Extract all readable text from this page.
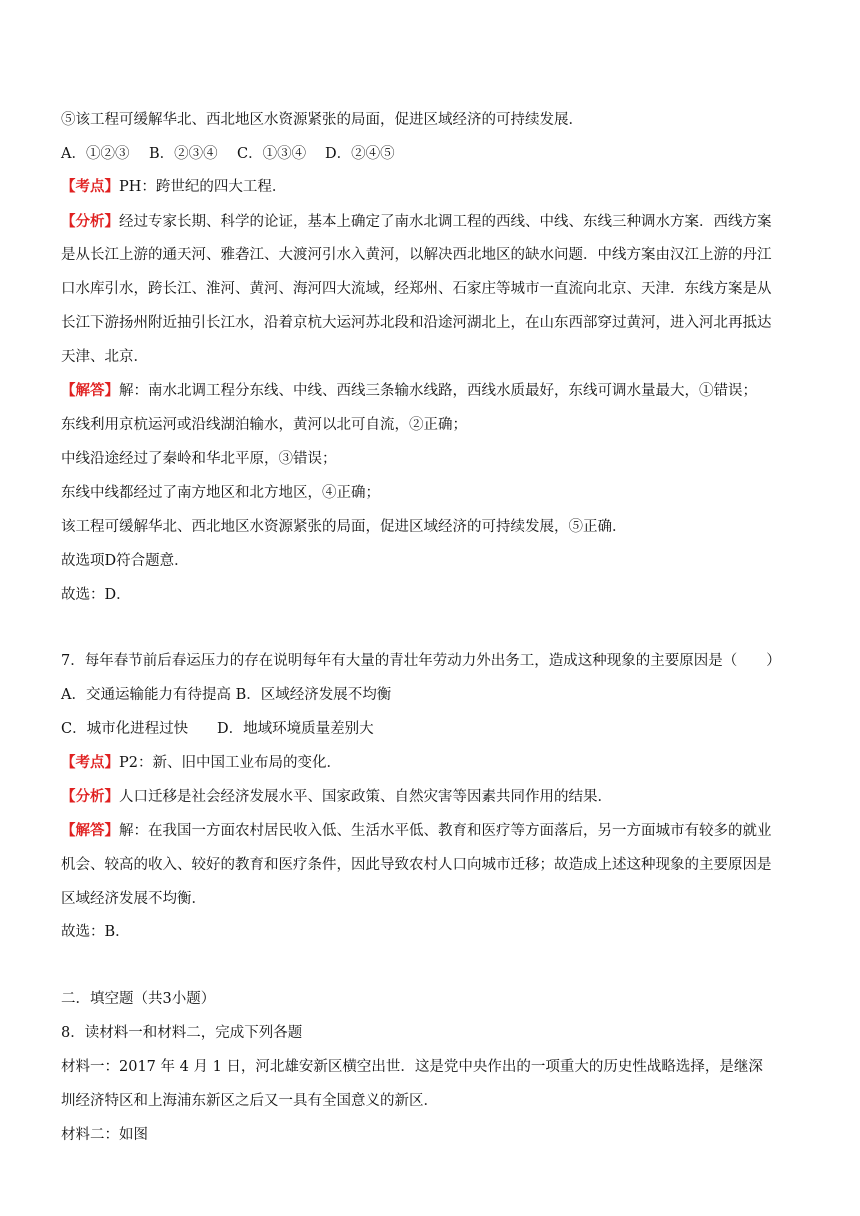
⑤该工程可缓解华北、西北地区水资源紧张的局面，促进区域经济的可持续发展．
A．①②③ B．②③④ C．①③④ D．②④⑤
【考点】PH：跨世纪的四大工程．
【分析】经过专家长期、科学的论证，基本上确定了南水北调工程的西线、中线、东线三种调水方案．西线方案
是从长江上游的通天河、雅砻江、大渡河引水入黄河，以解决西北地区的缺水问题．中线方案由汉江上游的丹江
口水库引水，跨长江、淮河、黄河、海河四大流域，经郑州、石家庄等城市一直流向北京、天津．东线方案是从
长江下游扬州附近抽引长江水，沿着京杭大运河苏北段和沿途河湖北上，在山东西部穿过黄河，进入河北再抵达
天津、北京．
【解答】解：南水北调工程分东线、中线、西线三条输水线路，西线水质最好，东线可调水量最大，①错误；
东线利用京杭运河或沿线湖泊输水，黄河以北可自流，②正确；
中线沿途经过了秦岭和华北平原，③错误；
东线中线都经过了南方地区和北方地区，④正确；
该工程可缓解华北、西北地区水资源紧张的局面，促进区域经济的可持续发展，⑤正确．
故选项D符合题意．
故选：D．
7．每年春节前后春运压力的存在说明每年有大量的青壮年劳动力外出务工，造成这种现象的主要原因是（　　）
A．交通运输能力有待提高 B．区域经济发展不均衡
C．城市化进程过快 D．地域环境质量差别大
【考点】P2：新、旧中国工业布局的变化．
【分析】人口迁移是社会经济发展水平、国家政策、自然灾害等因素共同作用的结果．
【解答】解：在我国一方面农村居民收入低、生活水平低、教育和医疗等方面落后，另一方面城市有较多的就业
机会、较高的收入、较好的教育和医疗条件，因此导致农村人口向城市迁移；故造成上述这种现象的主要原因是
区域经济发展不均衡．
故选：B．
二．填空题（共3小题）
8．读材料一和材料二，完成下列各题
材料一：2017 年 4 月 1 日，河北雄安新区横空出世．这是党中央作出的一项重大的历史性战略选择，是继深
圳经济特区和上海浦东新区之后又一具有全国意义的新区．
材料二：如图
